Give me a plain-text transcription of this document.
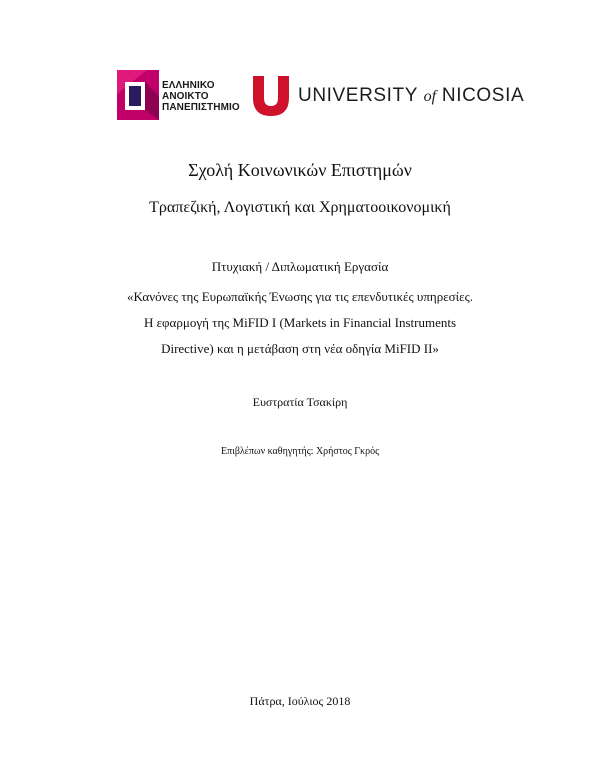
ΕΛΛΗΝΙΚΟ
ΑΝΟΙΚΤΟ
ΠΑΝΕΠΙΣΤΗΜΙΟ
UNIVERSITY of NICOSIA
Σχολή Κοινωνικών Επιστημών
Τραπεζική, Λογιστική και Χρηματοοικονομική
Πτυχιακή / Διπλωματική Εργασία
«Κανόνες της Ευρωπαϊκής Ένωσης για τις επενδυτικές υπηρεσίες.
Η εφαρμογή της MiFID I (Markets in Financial Instruments
Directive) και η μετάβαση στη νέα οδηγία MiFID II»
Ευστρατία Τσακίρη
Επιβλέπων καθηγητής: Χρήστος Γκρός
Πάτρα, Ιούλιος 2018
